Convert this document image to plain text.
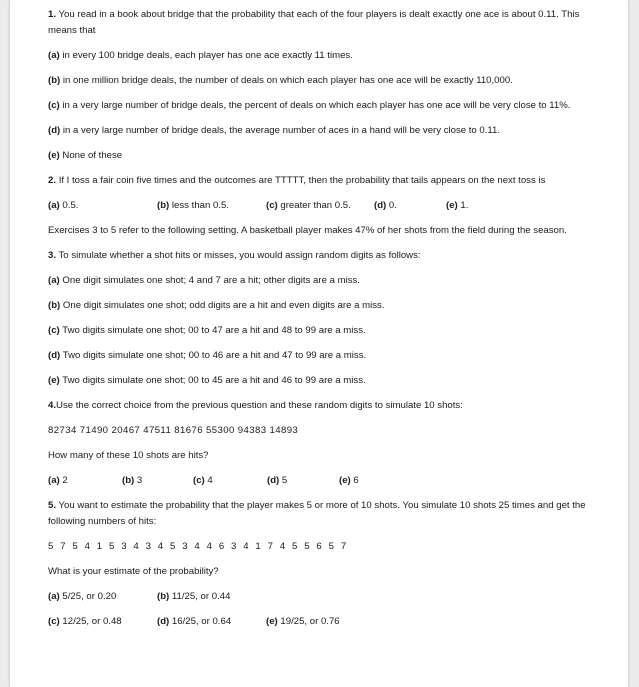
1. You read in a book about bridge that the probability that each of the four players is dealt exactly one ace is about 0.11. This means that

(a) in every 100 bridge deals, each player has one ace exactly 11 times.

(b) in one million bridge deals, the number of deals on which each player has one ace will be exactly 110,000.

(c) in a very large number of bridge deals, the percent of deals on which each player has one ace will be very close to 11%.

(d) in a very large number of bridge deals, the average number of aces in a hand will be very close to 0.11.

(e) None of these

2. If I toss a fair coin five times and the outcomes are TTTTT, then the probability that tails appears on the next toss is

(a) 0.5.	(b) less than 0.5.	(c) greater than 0.5. (d) 0.	(e) 1.

Exercises 3 to 5 refer to the following setting. A basketball player makes 47% of her shots from the field during the season.

3. To simulate whether a shot hits or misses, you would assign random digits as follows:

(a) One digit simulates one shot; 4 and 7 are a hit; other digits are a miss.

(b) One digit simulates one shot; odd digits are a hit and even digits are a miss.

(c) Two digits simulate one shot; 00 to 47 are a hit and 48 to 99 are a miss.

(d) Two digits simulate one shot; 00 to 46 are a hit and 47 to 99 are a miss.

(e) Two digits simulate one shot; 00 to 45 are a hit and 46 to 99 are a miss.

4.Use the correct choice from the previous question and these random digits to simulate 10 shots:

82734 71490 20467 47511 81676 55300 94383 14893

How many of these 10 shots are hits?

(a) 2	(b) 3	(c) 4	(d) 5	(e) 6

5. You want to estimate the probability that the player makes 5 or more of 10 shots. You simulate 10 shots 25 times and get the following numbers of hits:

5 7 5 4 1 5 3 4 3 4 5 3 4 4 6 3 4 1 7 4 5 5 6 5 7

What is your estimate of the probability?

(a) 5/25, or 0.20	(b) 11/25, or 0.44
(c) 12/25, or 0.48	(d) 16/25, or 0.64	(e) 19/25, or 0.76
